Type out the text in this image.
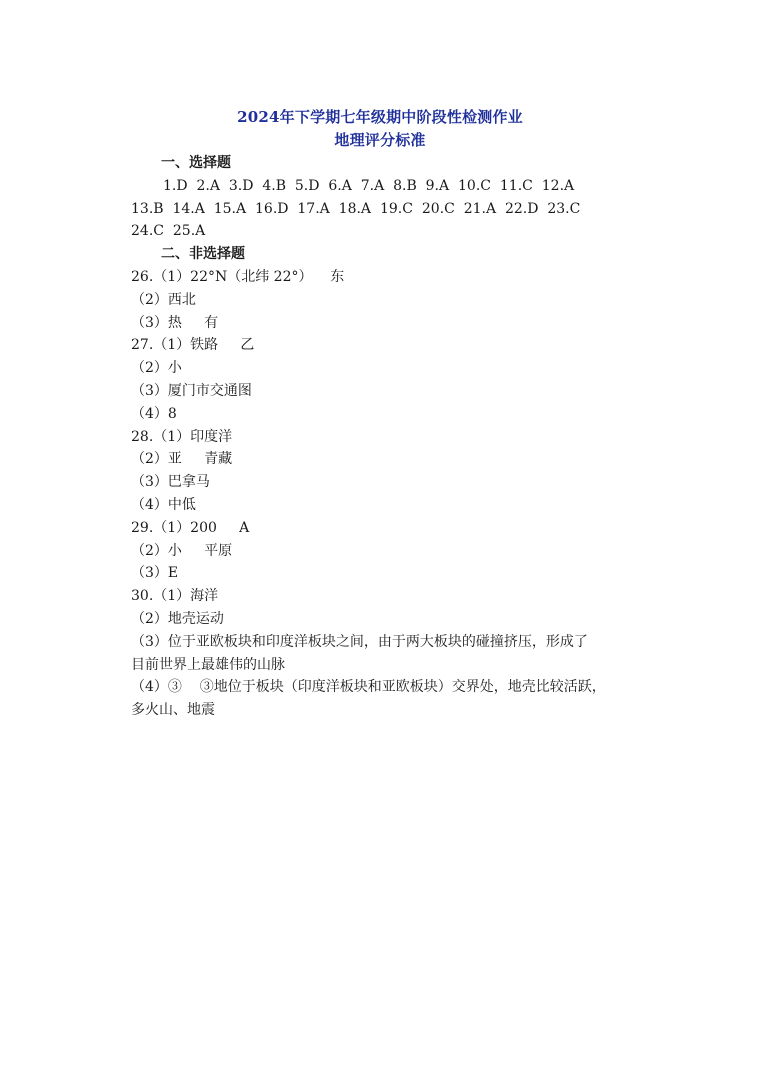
2024年下学期七年级期中阶段性检测作业
地理评分标准
一、选择题
1.D  2.A  3.D  4.B  5.D  6.A  7.A  8.B  9.A  10.C  11.C  12.A
13.B  14.A  15.A  16.D  17.A  18.A  19.C  20.C  21.A  22.D  23.C
24.C  25.A
二、非选择题
26.（1）22°N（北纬 22°）    东
（2）西北
（3）热     有
27.（1）铁路     乙
（2）小
（3）厦门市交通图
（4）8
28.（1）印度洋
（2）亚     青藏
（3）巴拿马
（4）中低
29.（1）200     A
（2）小     平原
（3）E
30.（1）海洋
（2）地壳运动
（3）位于亚欧板块和印度洋板块之间，由于两大板块的碰撞挤压，形成了
目前世界上最雄伟的山脉
（4）③    ③地位于板块（印度洋板块和亚欧板块）交界处，地壳比较活跃，
多火山、地震
